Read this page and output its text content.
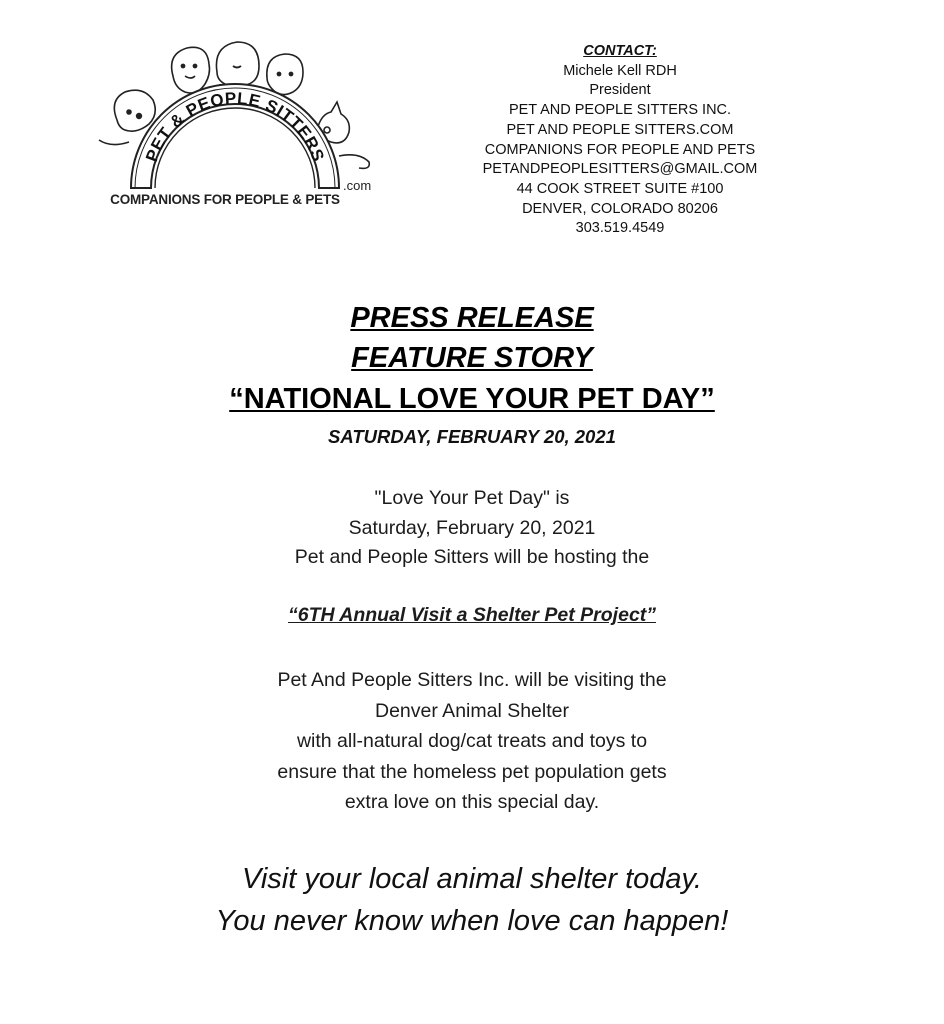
PET & PEOPLE SITTERS
.com
COMPANIONS FOR PEOPLE & PETS
CONTACT:
Michele Kell RDH
President
PET AND PEOPLE SITTERS INC.
PET AND PEOPLE SITTERS.COM
COMPANIONS FOR PEOPLE AND PETS
PETANDPEOPLESITTERS@GMAIL.COM
44 COOK STREET SUITE #100
DENVER, COLORADO 80206
303.519.4549
PRESS RELEASE
FEATURE STORY
“NATIONAL LOVE YOUR PET DAY”
SATURDAY, FEBRUARY 20, 2021
"Love Your Pet Day" is
Saturday, February 20, 2021
Pet and People Sitters will be hosting the
“6TH Annual Visit a Shelter Pet Project”
Pet And People Sitters Inc. will be visiting the
Denver Animal Shelter
with all-natural dog/cat treats and toys to
ensure that the homeless pet population gets
extra love on this special day.
Visit your local animal shelter today.
You never know when love can happen!
